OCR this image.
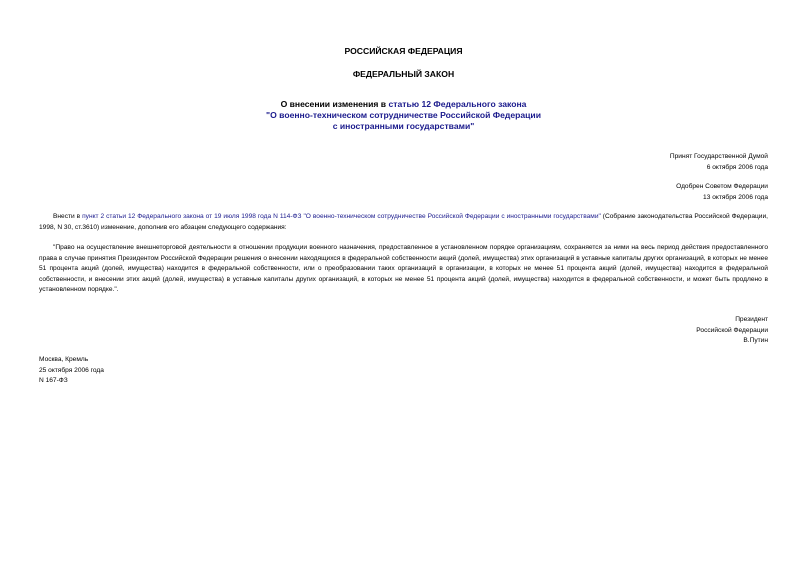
РОССИЙСКАЯ ФЕДЕРАЦИЯ
ФЕДЕРАЛЬНЫЙ ЗАКОН
О внесении изменения в статью 12 Федерального закона
"О военно-техническом сотрудничестве Российской Федерации
с иностранными государствами"
Принят Государственной Думой
6 октября 2006 года
Одобрен Советом Федерации
13 октября 2006 года
Внести в пункт 2 статьи 12 Федерального закона от 19 июля 1998 года N 114-ФЗ "О военно-техническом сотрудничестве Российской Федерации с иностранными государствами" (Собрание законодательства Российской Федерации, 1998, N 30, ст.3610) изменение, дополнив его абзацем следующего содержания:
"Право на осуществление внешнеторговой деятельности в отношении продукции военного назначения, предоставленное в установленном порядке организациям, сохраняется за ними на весь период действия предоставленного права в случае принятия Президентом Российской Федерации решения о внесении находящихся в федеральной собственности акций (долей, имущества) этих организаций в уставные капиталы других организаций, в которых не менее 51 процента акций (долей, имущества) находится в федеральной собственности, или о преобразовании таких организаций в организации, в которых не менее 51 процента акций (долей, имущества) находится в федеральной собственности, и внесении этих акций (долей, имущества) в уставные капиталы других организаций, в которых не менее 51 процента акций (долей, имущества) находится в федеральной собственности, и может быть продлено в установленном порядке.".
Президент
Российской Федерации
В.Путин
Москва, Кремль
25 октября 2006 года
N 167-ФЗ
